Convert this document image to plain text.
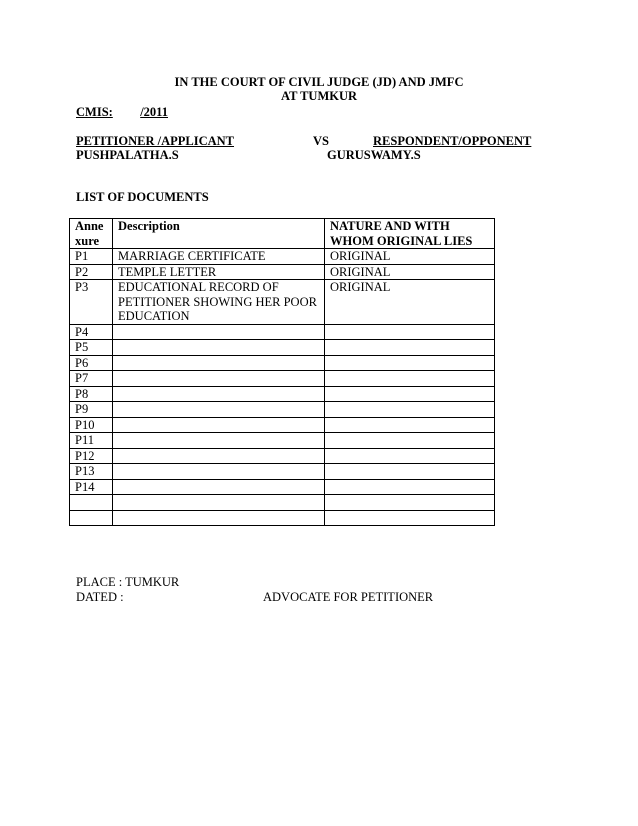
IN THE COURT OF CIVIL JUDGE (JD) AND JMFC
AT TUMKUR
CMIS:	/2011
PETITIONER /APPLICANT	VS	RESPONDENT/OPPONENT
PUSHPALATHA.S	GURUSWAMY.S
LIST OF DOCUMENTS
Anne xure	Description	NATURE AND WITH WHOM ORIGINAL LIES
P1	MARRIAGE CERTIFICATE	ORIGINAL
P2	TEMPLE LETTER	ORIGINAL
P3	EDUCATIONAL RECORD OF PETITIONER SHOWING HER POOR EDUCATION	ORIGINAL
P4		
P5		
P6		
P7		
P8		
P9		
P10		
P11		
P12		
P13		
P14		

PLACE : TUMKUR
DATED :	ADVOCATE FOR PETITIONER
